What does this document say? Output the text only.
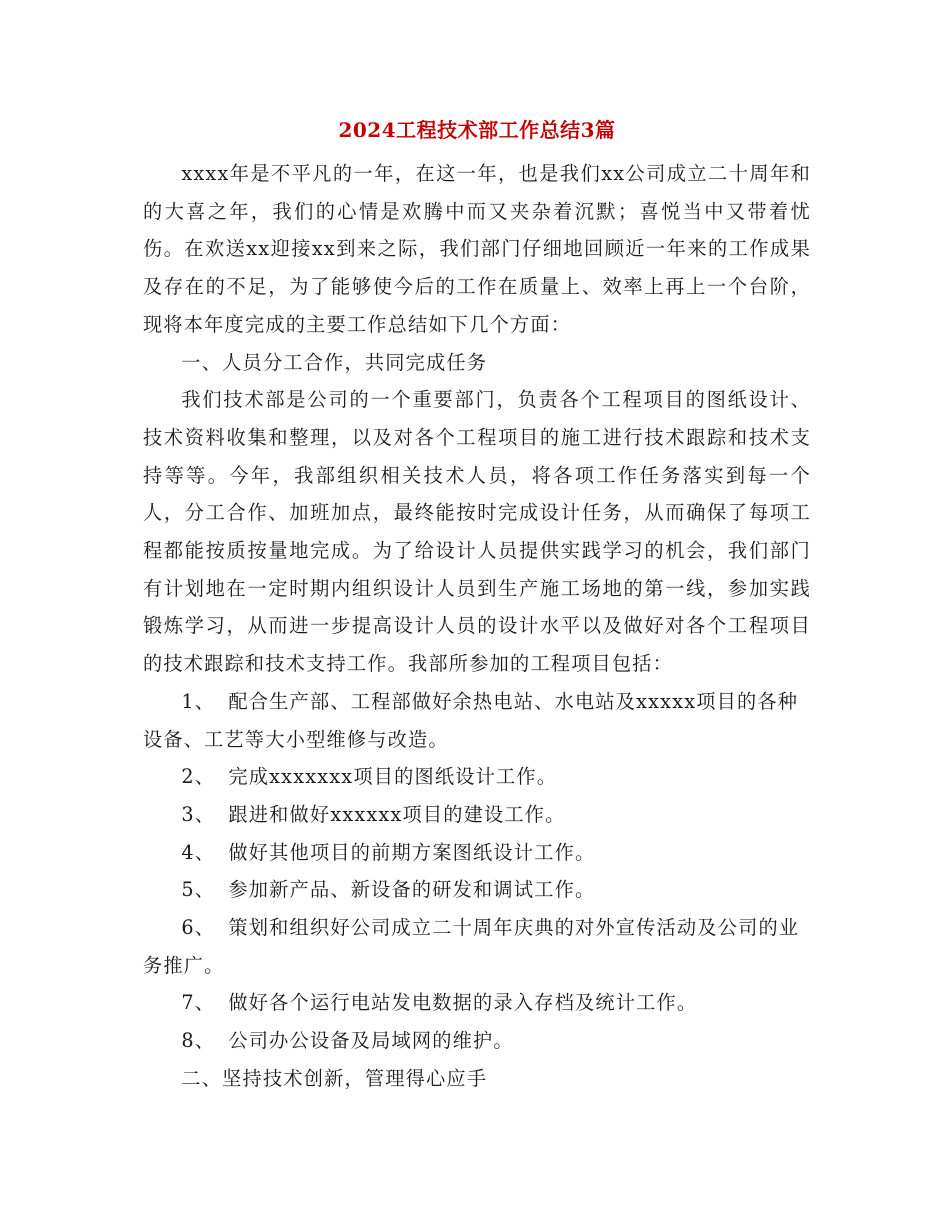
2024工程技术部工作总结3篇

xxxx年是不平凡的一年，在这一年，也是我们xx公司成立二十周年和的大喜之年，我们的心情是欢腾中而又夹杂着沉默；喜悦当中又带着忧伤。在欢送xx迎接xx到来之际，我们部门仔细地回顾近一年来的工作成果及存在的不足，为了能够使今后的工作在质量上、效率上再上一个台阶，现将本年度完成的主要工作总结如下几个方面：

一、人员分工合作，共同完成任务

我们技术部是公司的一个重要部门，负责各个工程项目的图纸设计、技术资料收集和整理，以及对各个工程项目的施工进行技术跟踪和技术支持等等。今年，我部组织相关技术人员，将各项工作任务落实到每一个人，分工合作、加班加点，最终能按时完成设计任务，从而确保了每项工程都能按质按量地完成。为了给设计人员提供实践学习的机会，我们部门有计划地在一定时期内组织设计人员到生产施工场地的第一线，参加实践锻炼学习，从而进一步提高设计人员的设计水平以及做好对各个工程项目的技术跟踪和技术支持工作。我部所参加的工程项目包括：

1、 配合生产部、工程部做好余热电站、水电站及xxxxx项目的各种设备、工艺等大小型维修与改造。

2、 完成xxxxxxx项目的图纸设计工作。

3、 跟进和做好xxxxxx项目的建设工作。

4、 做好其他项目的前期方案图纸设计工作。

5、 参加新产品、新设备的研发和调试工作。

6、 策划和组织好公司成立二十周年庆典的对外宣传活动及公司的业务推广。

7、 做好各个运行电站发电数据的录入存档及统计工作。

8、 公司办公设备及局域网的维护。

二、坚持技术创新，管理得心应手
